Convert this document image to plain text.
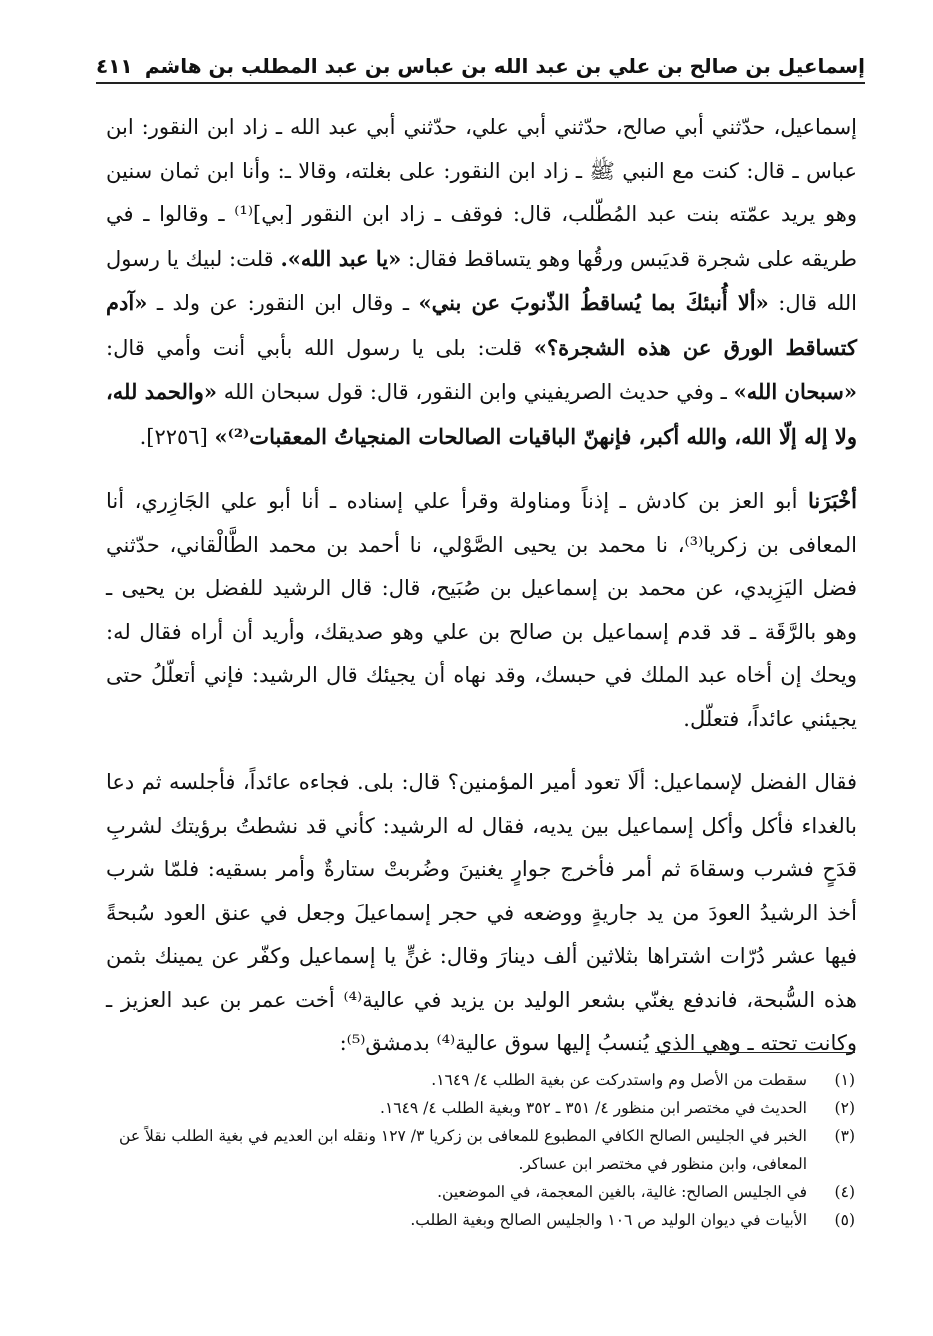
إسماعيل بن صالح بن علي بن عبد الله بن عباس بن عبد المطلب بن هاشم
٤١١

إسماعيل، حدّثني أبي صالح، حدّثني أبي علي، حدّثني أبي عبد الله ـ زاد ابن النقور: ابن عباس ـ قال: كنت مع النبي ﷺ ـ زاد ابن النقور: على بغلته، وقالا ـ: وأنا ابن ثمان سنين وهو يريد عمّته بنت عبد المُطّلب، قال: فوقف ـ زاد ابن النقور [بي]⁽¹⁾ ـ وقالوا ـ في طريقه على شجرة قديَبس ورقُها وهو يتساقط فقال: «يا عبد الله». قلت: لبيك يا رسول الله قال: «ألا أُنبئكَ بما يُساقطُ الذّنوبَ عن بني» ـ وقال ابن النقور: عن ولد ـ «آدم كتساقط الورق عن هذه الشجرة؟» قلت: بلى يا رسول الله بأبي أنت وأمي قال: «سبحان الله» ـ وفي حديث الصريفيني وابن النقور، قال: قول سبحان الله «والحمد لله، ولا إله إلّا الله، والله أكبر، فإنهنّ الباقيات الصالحات المنجياتُ المعقبات⁽²⁾» [٢٢٥٦].

أخْبَرَنا أبو العز بن كادش ـ إذناً ومناولة وقرأ علي إسناده ـ أنا أبو علي الجَازِري، أنا المعافى بن زكريا⁽³⁾، نا محمد بن يحيى الصَّوْلي، نا أحمد بن محمد الطَّالْقاني، حدّثني فضل اليَزِيدي، عن محمد بن إسماعيل بن صُبَيح، قال: قال الرشيد للفضل بن يحيى ـ وهو بالرَّقَة ـ قد قدم إسماعيل بن صالح بن علي وهو صديقك، وأريد أن أراه فقال له: ويحك إن أخاه عبد الملك في حبسك، وقد نهاه أن يجيئك قال الرشيد: فإني أتعلّلُ حتى يجيئني عائداً، فتعلّل.

فقال الفضل لإسماعيل: ألَا تعود أمير المؤمنين؟ قال: بلى. فجاءه عائداً، فأجلسه ثم دعا بالغداء فأكل وأكل إسماعيل بين يديه، فقال له الرشيد: كأني قد نشطتُ برؤيتك لشربِ قدَحٍ فشرب وسقاهَ ثم أمر فأخرج جوارٍ يغنينَ وضُربتْ ستارةٌ وأمر بسقيه: فلمّا شرب أخذ الرشيدُ العودَ من يد جاريةٍ ووضعه في حجر إسماعيلَ وجعل في عنق العود سُبحةً فيها عشر دُرّات اشتراها بثلاثين ألف دينارَ وقال: غنٍّ يا إسماعيل وكفّر عن يمينك بثمن هذه السُّبحة، فاندفع يغنّي بشعر الوليد بن يزيد في عالية⁽⁴⁾ أخت عمر بن عبد العزيز ـ وكانت تحته ـ وهي الذي يُنسبُ إليها سوق عالية⁽⁴⁾ بدمشق⁽⁵⁾:

(١)
سقطت من الأصل وم واستدركت عن بغية الطلب ٤/ ١٦٤٩.
(٢)
الحديث في مختصر ابن منظور ٤/ ٣٥١ ـ ٣٥٢ وبغية الطلب ٤/ ١٦٤٩.
(٣)
الخبر في الجليس الصالح الكافي المطبوع للمعافى بن زكريا ٣/ ١٢٧ ونقله ابن العديم في بغية الطلب نقلاً عن المعافى، وابن منظور في مختصر ابن عساكر.
(٤)
في الجليس الصالح: غالية، بالغين المعجمة، في الموضعين.
(٥)
الأبيات في ديوان الوليد ص ١٠٦ والجليس الصالح وبغية الطلب.
